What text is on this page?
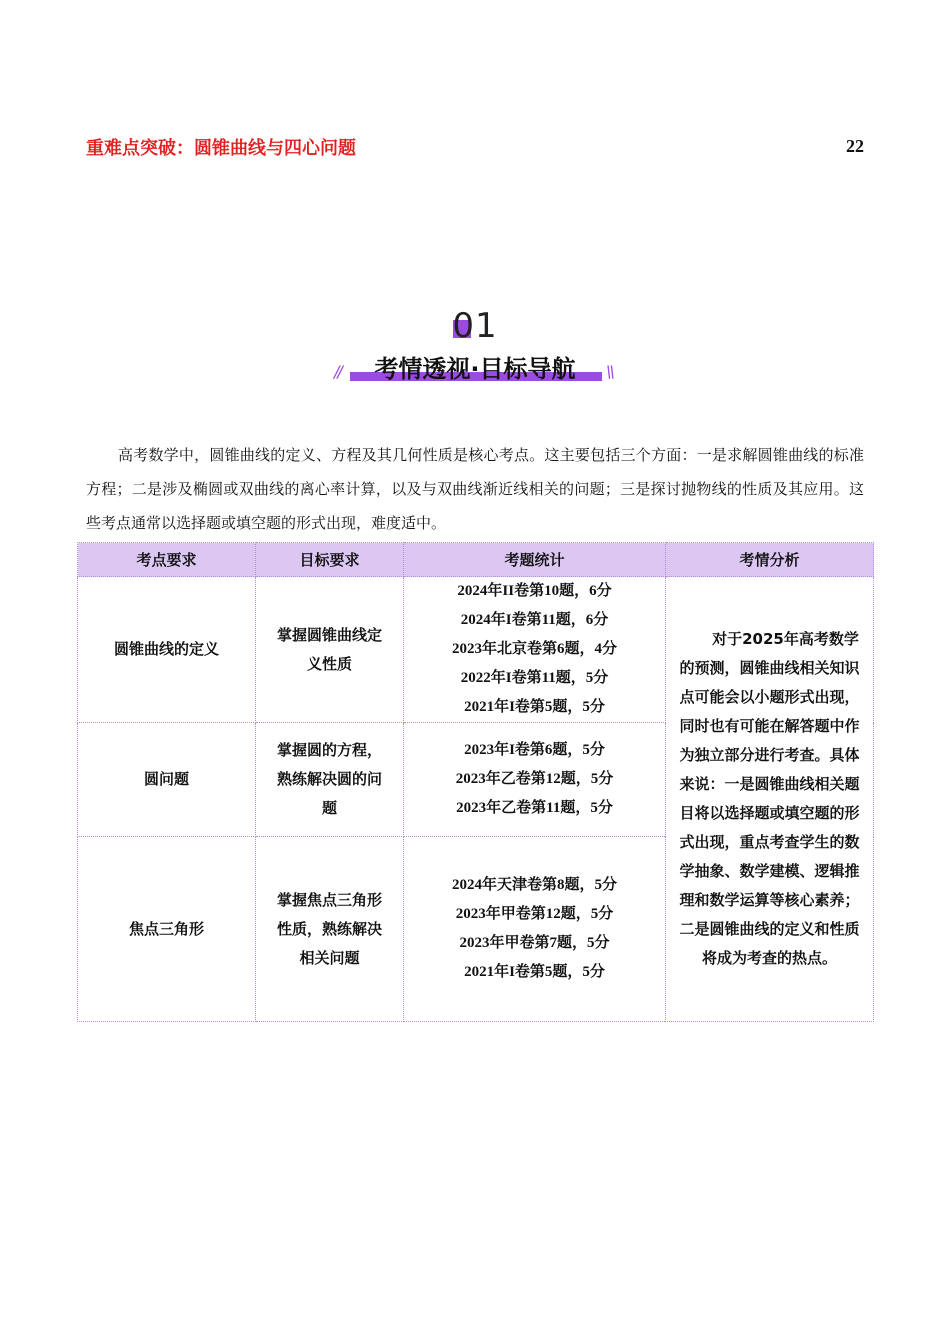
重难点突破：圆锥曲线与四心问题	22
01
//	考情透视·目标导航	\\
高考数学中，圆锥曲线的定义、方程及其几何性质是核心考点。这主要包括三个方面：一是求解圆锥曲线的标准方程；二是涉及椭圆或双曲线的离心率计算，以及与双曲线渐近线相关的问题；三是探讨抛物线的性质及其应用。这些考点通常以选择题或填空题的形式出现，难度适中。
考点要求	目标要求	考题统计	考情分析
圆锥曲线的定义	掌握圆锥曲线定义性质	2024年II卷第10题，6分
2024年I卷第11题，6分
2023年北京卷第6题，4分
2022年I卷第11题，5分
2021年I卷第5题，5分	对于2025年高考数学的预测，圆锥曲线相关知识点可能会以小题形式出现，同时也有可能在解答题中作为独立部分进行考查。具体来说：一是圆锥曲线相关题目将以选择题或填空题的形式出现，重点考查学生的数学抽象、数学建模、逻辑推理和数学运算等核心素养；二是圆锥曲线的定义和性质将成为考查的热点。
圆问题	掌握圆的方程，熟练解决圆的问题	2023年I卷第6题，5分
2023年乙卷第12题，5分
2023年乙卷第11题，5分	

焦点三角形	掌握焦点三角形性质，熟练解决相关问题	2024年天津卷第8题，5分
2023年甲卷第12题，5分
2023年甲卷第7题，5分
2021年I卷第5题，5分	
